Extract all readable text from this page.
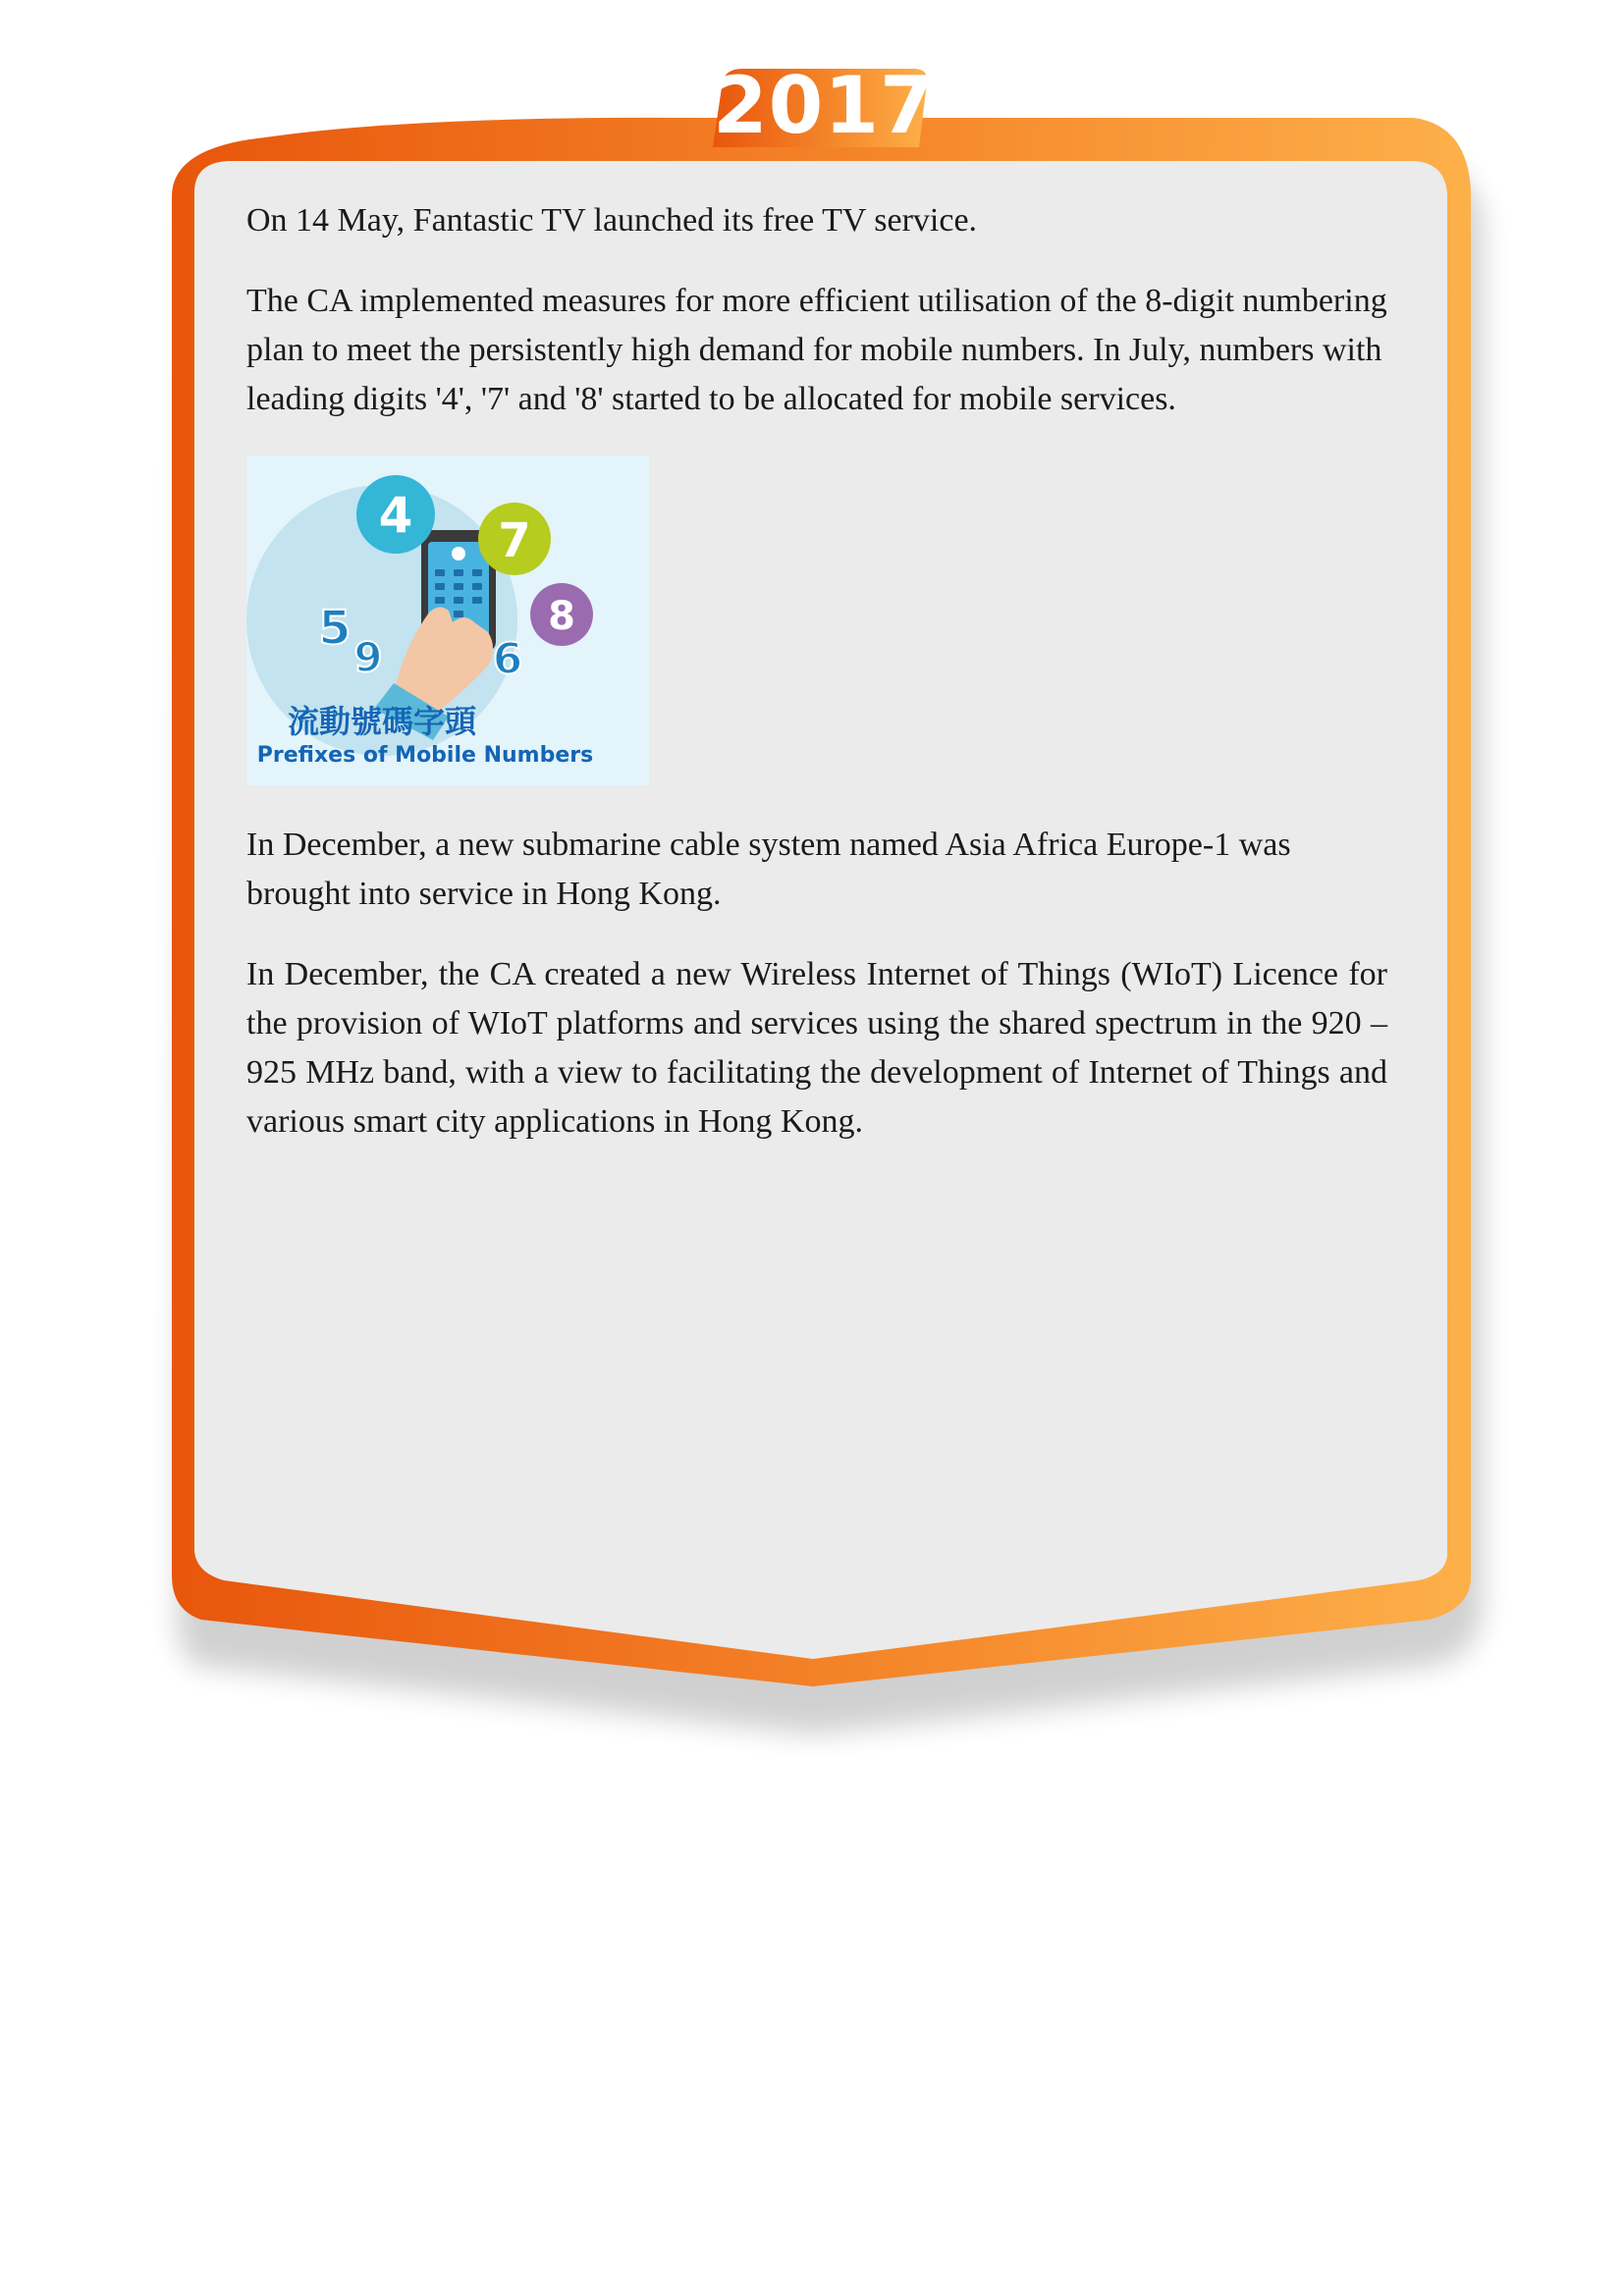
2017

On 14 May, Fantastic TV launched its free TV service.

The CA implemented measures for more efficient utilisation of the 8-digit numbering plan to meet the persistently high demand for mobile numbers. In July, numbers with leading digits '4', '7' and '8' started to be allocated for mobile services.

4 7
8
5
9	6
流動號碼字頭
Prefixes of Mobile Numbers

In December, a new submarine cable system named Asia Africa Europe-1 was brought into service in Hong Kong.

In December, the CA created a new Wireless Internet of Things (WIoT) Licence for the provision of WIoT platforms and services using the shared spectrum in the 920 – 925 MHz band, with a view to facilitating the development of Internet of Things and various smart city applications in Hong Kong.
